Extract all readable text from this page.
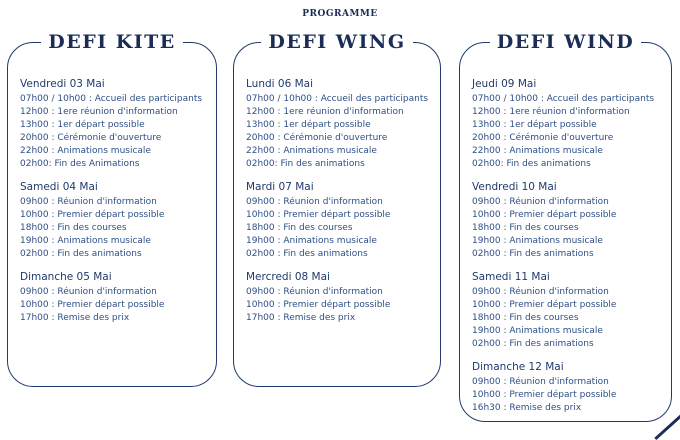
PROGRAMME
DEFI KITE
Vendredi 03 Mai
07h00 / 10h00 : Accueil des participants
12h00 : 1ere réunion d'information
13h00 : 1er départ possible
20h00 : Cérémonie d'ouverture
22h00 : Animations musicale
02h00: Fin des Animations
Samedi 04 Mai
09h00 : Réunion d'information
10h00 : Premier départ possible
18h00 : Fin des courses
19h00 : Animations musicale
02h00 : Fin des animations
Dimanche 05 Mai
09h00 : Réunion d'information
10h00 : Premier départ possible
17h00 : Remise des prix
DEFI WING
Lundi 06 Mai
07h00 / 10h00 : Accueil des participants
12h00 : 1ere réunion d'information
13h00 : 1er départ possible
20h00 : Cérémonie d'ouverture
22h00 : Animations musicale
02h00: Fin des animations
Mardi 07 Mai
09h00 : Réunion d'information
10h00 : Premier départ possible
18h00 : Fin des courses
19h00 : Animations musicale
02h00 : Fin des animations
Mercredi 08 Mai
09h00 : Réunion d'information
10h00 : Premier départ possible
17h00 : Remise des prix
DEFI WIND
Jeudi 09 Mai
07h00 / 10h00 : Accueil des participants
12h00 : 1ere réunion d'information
13h00 : 1er départ possible
20h00 : Cérémonie d'ouverture
22h00 : Animations musicale
02h00: Fin des animations
Vendredi 10 Mai
09h00 : Réunion d'information
10h00 : Premier départ possible
18h00 : Fin des courses
19h00 : Animations musicale
02h00 : Fin des animations
Samedi 11 Mai
09h00 : Réunion d'information
10h00 : Premier départ possible
18h00 : Fin des courses
19h00 : Animations musicale
02h00 : Fin des animations
Dimanche 12 Mai
09h00 : Réunion d'information
10h00 : Premier départ possible
16h30 : Remise des prix
